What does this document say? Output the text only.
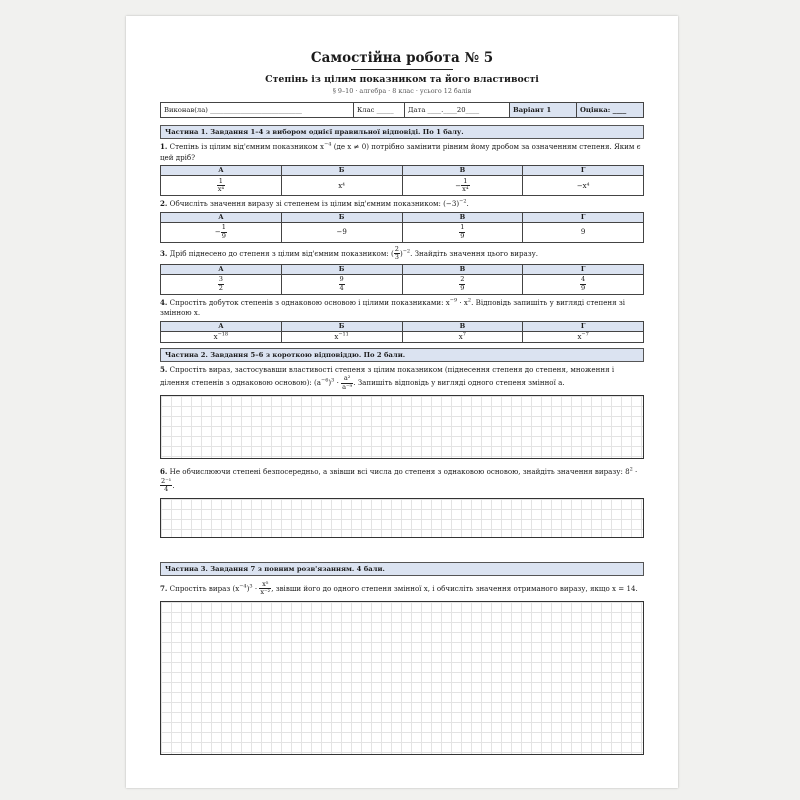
Самостійна робота № 5
Степінь із цілим показником та його властивості
§ 9–10 · алгебра · 8 клас · усього 12 балів
Виконав(ла) ___________________________	Клас _____	Дата ____.____20____	Варіант 1	Оцінка: ____
Частина 1. Завдання 1–4 з вибором однієї правильної відповіді. По 1 балу.
1. Степінь із цілим від'ємним показником $x^{-4}$ (де x ≠ 0) потрібно замінити рівним йому дробом за означенням степеня. Яким є цей дріб?
А	Б	В	Г

$\frac{1}{\text{x⁴}}$	x⁴	− $\frac{1}{\text{x⁴}}$	−x⁴
2. Обчисліть значення виразу зі степенем із цілим від'ємним показником: $(-3)^{-2}$.
А	Б	В	Г
− $\frac{1}{9}$	−9	$\frac{1}{9}$	9
3. Дріб піднесено до степеня з цілим від'ємним показником: ( $\frac{2}{3} )^{-2}$. Знайдіть значення цього виразу.
А	Б	В	Г

$\frac{3}{2}$	$\frac{9}{4}$	$\frac{2}{9}$	$\frac{4}{9}$
4. Спростіть добуток степенів з однаковою основою і цілими показниками: $x^{-9} \cdot x^2$. Відповідь запишіть у вигляді степеня зі змінною x.
А	Б	В	Г
$x^{-18}$	$x^{-11}$	$x^7$	$x^{-7}$
Частина 2. Завдання 5–6 з короткою відповіддю. По 2 бали.
5. Спростіть вираз, застосувавши властивості степеня з цілим показником (піднесення степеня до степеня, множення і ділення степенів з однаковою основою): $(a^{-6})^3 \cdot \frac{\text{a²}}{\text{a⁻⁹}}$ . Запишіть відповідь у вигляді одного степеня змінної a.
6. Не обчислюючи степені безпосередньо, а звівши всі числа до степеня з однаковою основою, знайдіть значення виразу: $8^2$ ·
$\frac{\text{2⁻¹}}{4}$ .
Частина 3. Завдання 7 з повним розв'язанням. 4 бали.
7. Спростіть вираз $(x^{-4})^3 \cdot \frac{\text{x⁵}}{\text{x⁻²}}$ , звівши його до одного степеня змінної x, і обчисліть значення отриманого виразу, якщо x = 14.
